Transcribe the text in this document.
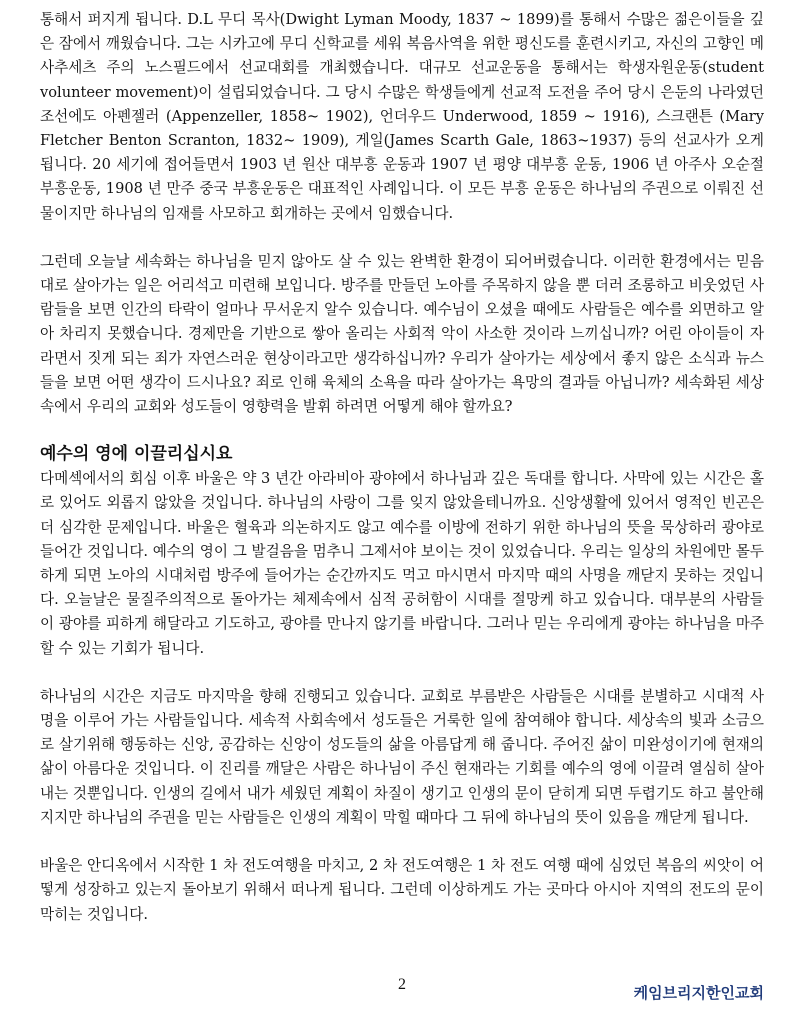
통해서 퍼지게 됩니다. D.L 무디 목사(Dwight Lyman Moody, 1837 ~ 1899)를 통해서 수많은 젊은이들을 깊은 잠에서 깨웠습니다. 그는 시카고에 무디 신학교를 세워 복음사역을 위한 평신도를 훈련시키고, 자신의 고향인 메사추세츠 주의 노스필드에서 선교대회를 개최했습니다. 대규모 선교운동을 통해서는 학생자원운동(student volunteer movement)이 설립되었습니다. 그 당시 수많은 학생들에게 선교적 도전을 주어 당시 은둔의 나라였던 조선에도 아펜젤러 (Appenzeller, 1858~ 1902), 언더우드 Underwood, 1859 ~ 1916), 스크랜튼 (Mary Fletcher Benton Scranton, 1832~ 1909), 게일(James Scarth Gale, 1863~1937) 등의 선교사가 오게 됩니다. 20 세기에 접어들면서 1903 년 원산 대부흥 운동과 1907 년 평양 대부흥 운동, 1906 년 아주사 오순절 부흥운동, 1908 년 만주 중국 부흥운동은 대표적인 사례입니다. 이 모든 부흥 운동은 하나님의 주권으로 이뤄진 선물이지만 하나님의 임재를 사모하고 회개하는 곳에서 임했습니다.

그런데 오늘날 세속화는 하나님을 믿지 않아도 살 수 있는 완벽한 환경이 되어버렸습니다. 이러한 환경에서는 믿음대로 살아가는 일은 어리석고 미련해 보입니다. 방주를 만들던 노아를 주목하지 않을 뿐 더러 조롱하고 비웃었던 사람들을 보면 인간의 타락이 얼마나 무서운지 알수 있습니다. 예수님이 오셨을 때에도 사람들은 예수를 외면하고 알아 차리지 못했습니다. 경제만을 기반으로 쌓아 올리는 사회적 악이 사소한 것이라 느끼십니까? 어린 아이들이 자라면서 짓게 되는 죄가 자연스러운 현상이라고만 생각하십니까? 우리가 살아가는 세상에서 좋지 않은 소식과 뉴스들을 보면 어떤 생각이 드시나요? 죄로 인해 육체의 소욕을 따라 살아가는 욕망의 결과들 아닙니까? 세속화된 세상속에서 우리의 교회와 성도들이 영향력을 발휘 하려면 어떻게 해야 할까요?

예수의 영에 이끌리십시요

다메섹에서의 회심 이후 바울은 약 3 년간 아라비아 광야에서 하나님과 깊은 독대를 합니다. 사막에 있는 시간은 홀로 있어도 외롭지 않았을 것입니다. 하나님의 사랑이 그를 잊지 않았을테니까요. 신앙생활에 있어서 영적인 빈곤은 더 심각한 문제입니다. 바울은 혈육과 의논하지도 않고 예수를 이방에 전하기 위한 하나님의 뜻을 묵상하러 광야로 들어간 것입니다. 예수의 영이 그 발걸음을 멈추니 그제서야 보이는 것이 있었습니다. 우리는 일상의 차원에만 몰두하게 되면 노아의 시대처럼 방주에 들어가는 순간까지도 먹고 마시면서 마지막 때의 사명을 깨닫지 못하는 것입니다. 오늘날은 물질주의적으로 돌아가는 체제속에서 심적 공허함이 시대를 절망케 하고 있습니다. 대부분의 사람들이 광야를 피하게 해달라고 기도하고, 광야를 만나지 않기를 바랍니다. 그러나 믿는 우리에게 광야는 하나님을 마주 할 수 있는 기회가 됩니다.

하나님의 시간은 지금도 마지막을 향해 진행되고 있습니다. 교회로 부름받은 사람들은 시대를 분별하고 시대적 사명을 이루어 가는 사람들입니다. 세속적 사회속에서 성도들은 거룩한 일에 참여해야 합니다. 세상속의 빛과 소금으로 살기위해 행동하는 신앙, 공감하는 신앙이 성도들의 삶을 아름답게 해 줍니다. 주어진 삶이 미완성이기에 현재의 삶이 아름다운 것입니다. 이 진리를 깨달은 사람은 하나님이 주신 현재라는 기회를 예수의 영에 이끌려 열심히 살아내는 것뿐입니다. 인생의 길에서 내가 세웠던 계획이 차질이 생기고 인생의 문이 닫히게 되면 두렵기도 하고 불안해 지지만 하나님의 주권을 믿는 사람들은 인생의 계획이 막힐 때마다 그 뒤에 하나님의 뜻이 있음을 깨닫게 됩니다.

바울은 안디옥에서 시작한 1 차 전도여행을 마치고, 2 차 전도여행은 1 차 전도 여행 때에 심었던 복음의 씨앗이 어떻게 성장하고 있는지 돌아보기 위해서 떠나게 됩니다. 그런데 이상하게도 가는 곳마다 아시아 지역의 전도의 문이 막히는 것입니다.

2	케임브리지한인교회
